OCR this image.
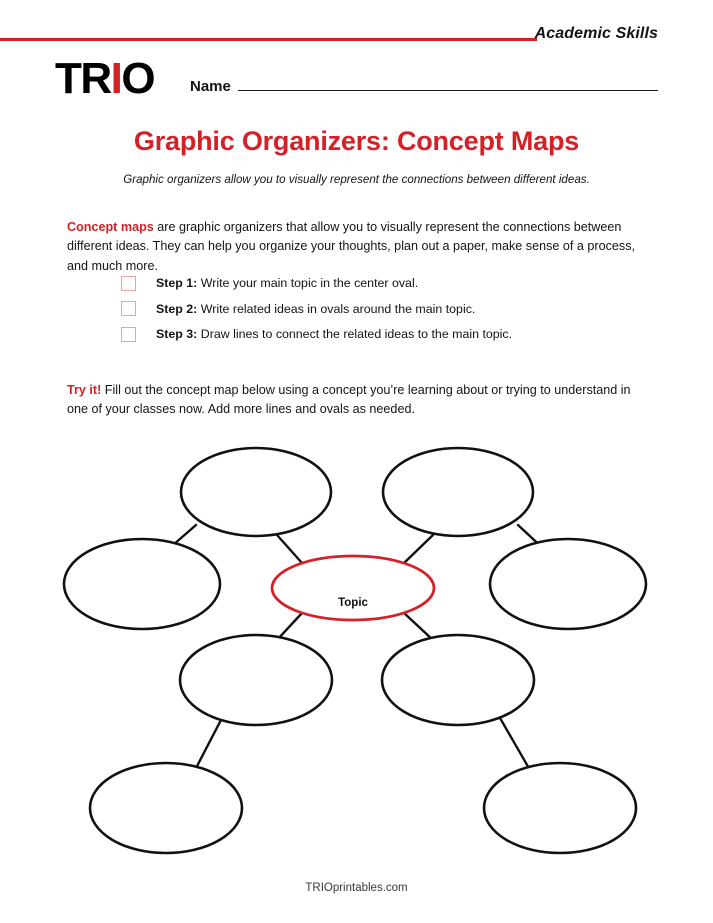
Academic Skills
TRIO Name
Graphic Organizers: Concept Maps
Graphic organizers allow you to visually represent the connections between different ideas.

Concept maps are graphic organizers that allow you to visually represent the connections between different ideas. They can help you organize your thoughts, plan out a paper, make sense of a process, and much more.

Step 1: Write your main topic in the center oval.
Step 2: Write related ideas in ovals around the main topic.
Step 3: Draw lines to connect the related ideas to the main topic.

Try it! Fill out the concept map below using a concept you’re learning about or trying to understand in one of your classes now. Add more lines and ovals as needed.

Topic
TRIOprintables.com
